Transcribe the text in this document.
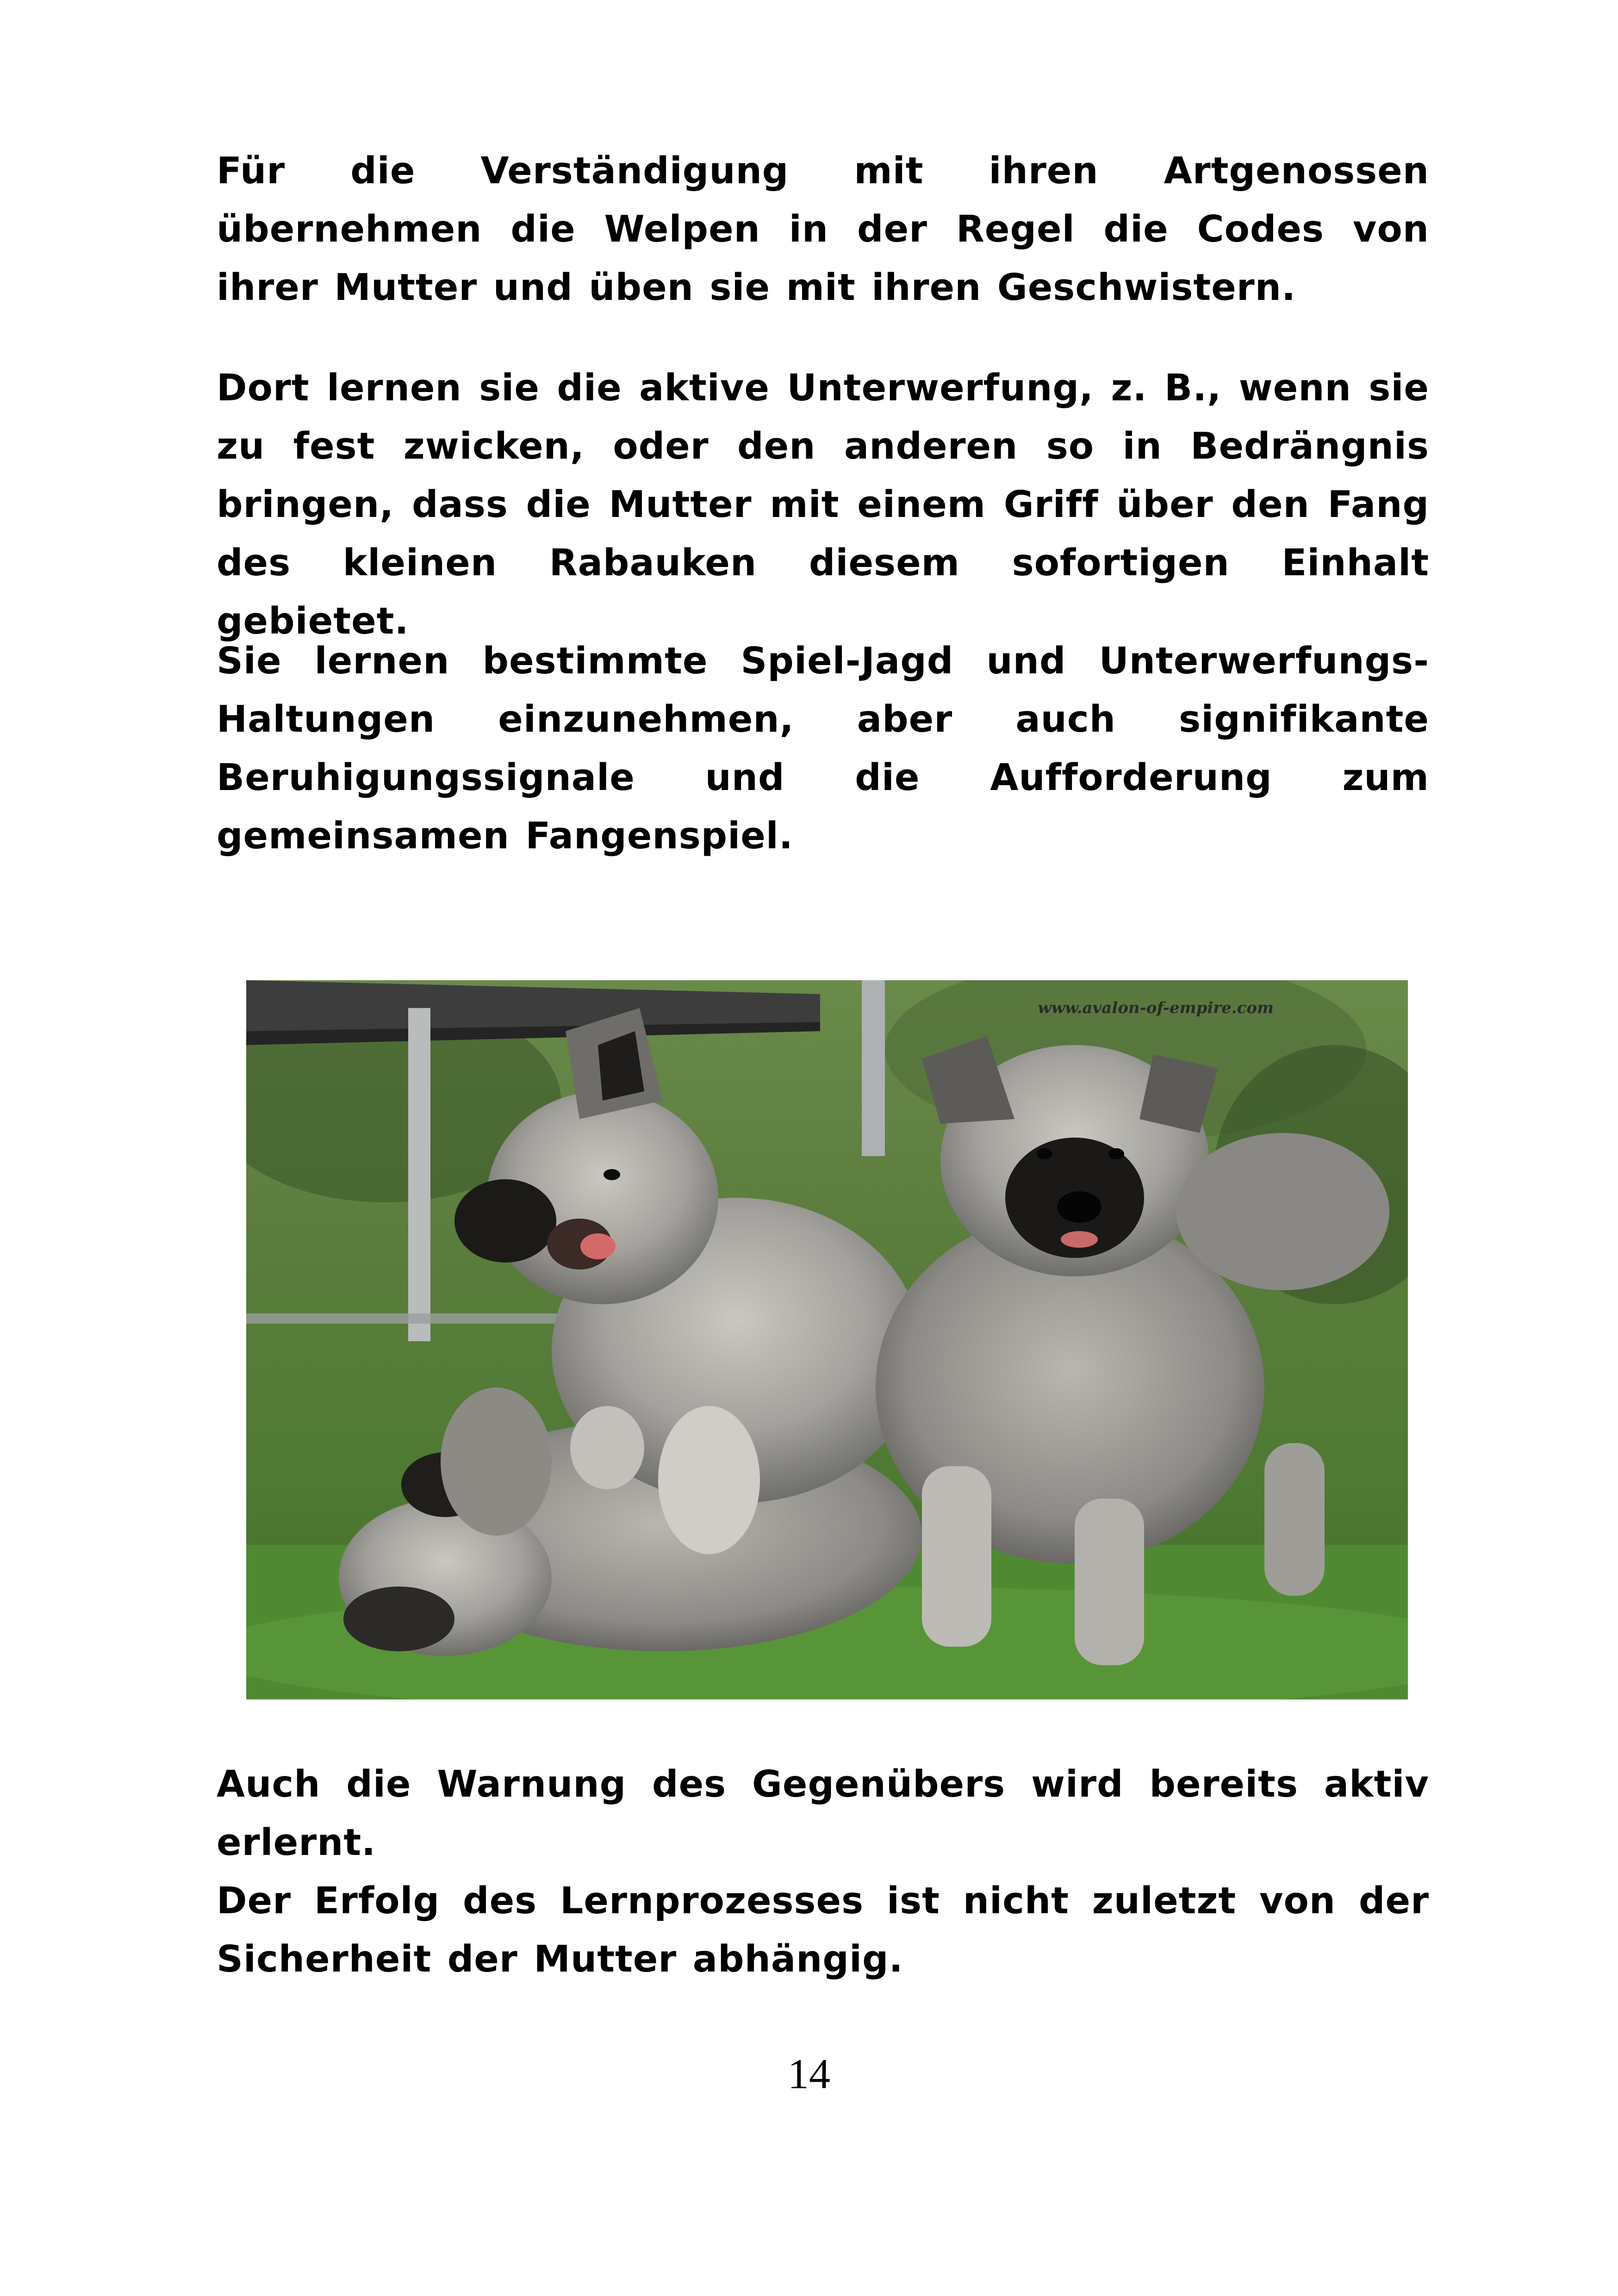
Für die Verständigung mit ihren Artgenossen übernehmen die Welpen in der Regel die Codes von ihrer Mutter und üben sie mit ihren Geschwistern.

Dort lernen sie die aktive Unterwerfung, z. B., wenn sie zu fest zwicken, oder den anderen so in Bedrängnis bringen, dass die Mutter mit einem Griff über den Fang des kleinen Rabauken diesem sofortigen Einhalt gebietet.

Sie lernen bestimmte Spiel-Jagd und Unterwerfungs-Haltungen einzunehmen, aber auch signifikante Beruhigungssignale und die Aufforderung zum gemeinsamen Fangenspiel.

www.avalon-of-empire.com

Auch die Warnung des Gegenübers wird bereits aktiv erlernt.

Der Erfolg des Lernprozesses ist nicht zuletzt von der Sicherheit der Mutter abhängig.

14
